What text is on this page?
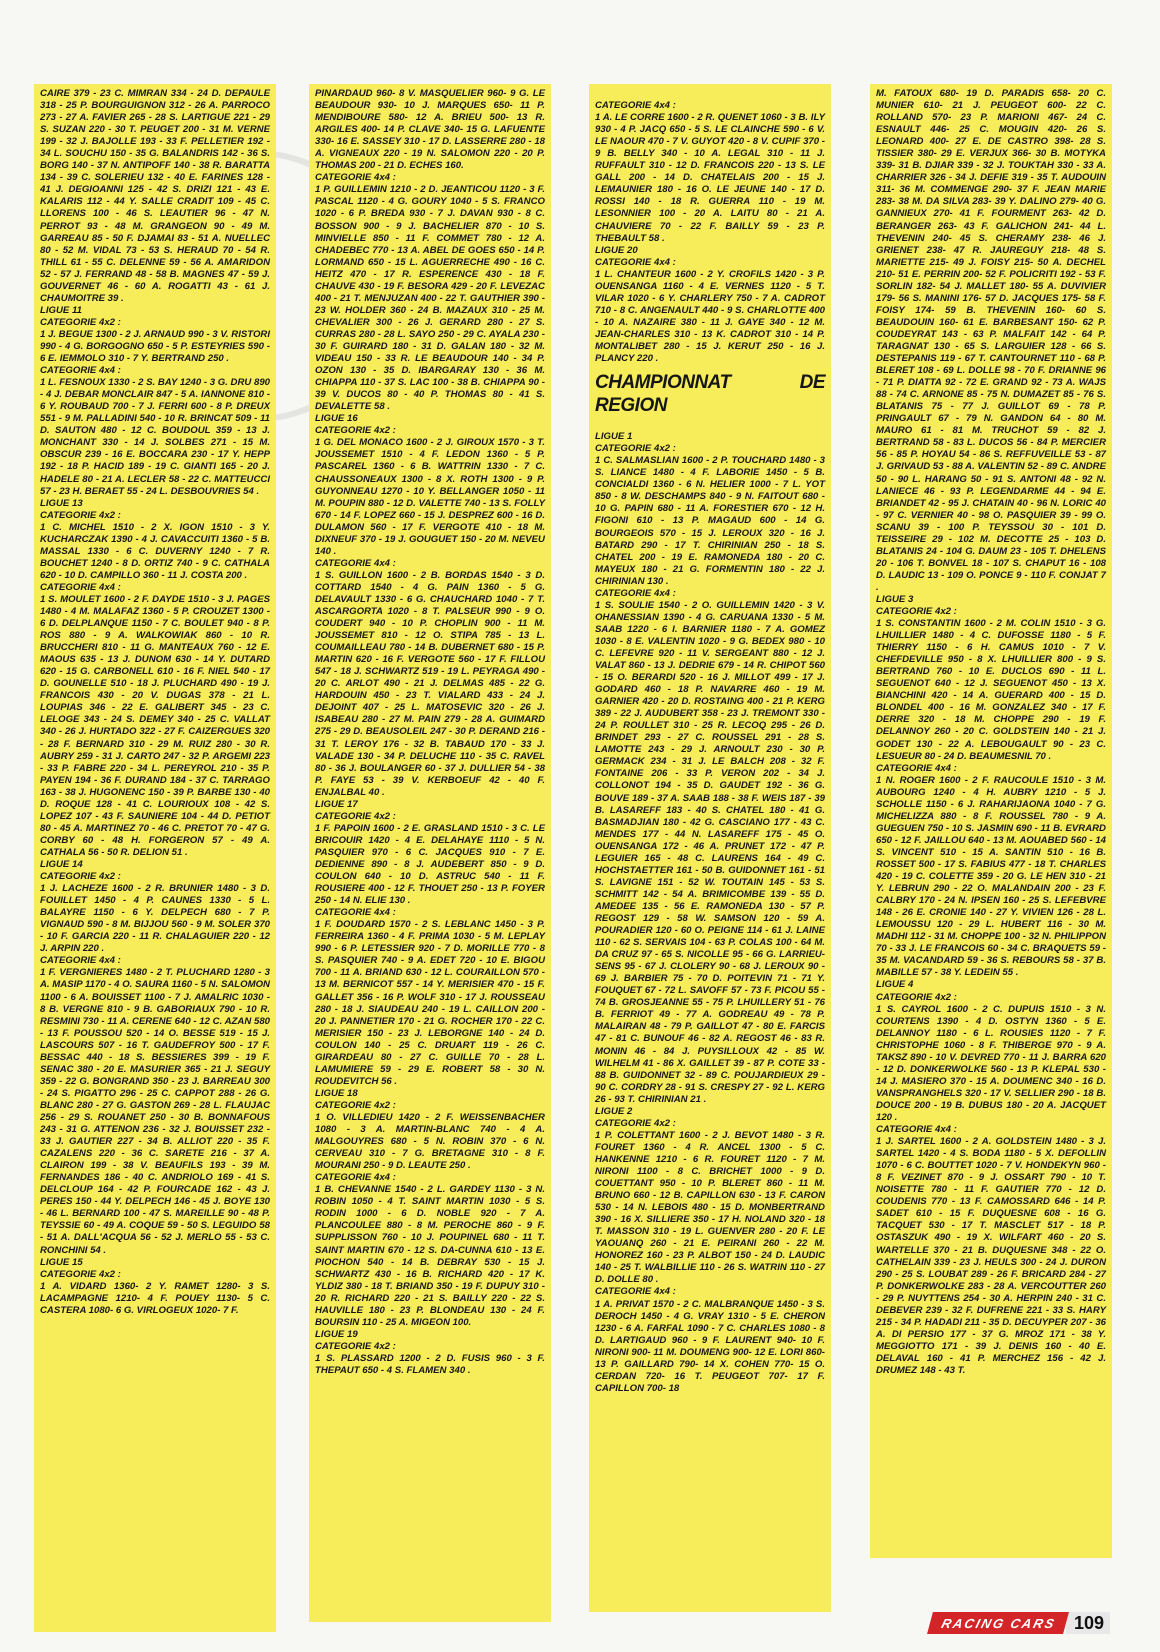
CAIRE 379 - 23 C. MIMRAN 334 - 24 D. DEPAULE 318 - 25 P. BOURGUIGNON 312 - 26 A. PARROCO 273 - 27 A. FAVIER 265 - 28 S. LARTIGUE 221 - 29 S. SUZAN 220 - 30 T. PEUGET 200 - 31 M. VERNE 199 - 32 J. BAJOLLE 193 - 33 F. PELLETIER 192 - 34 L. SOUCHU 150 - 35 G. BALANDRIS 142 - 36 S. BORG 140 - 37 N. ANTIPOFF 140 - 38 R. BARATTA 134 - 39 C. SOLERIEU 132 - 40 E. FARINES 128 - 41 J. DEGIOANNI 125 - 42 S. DRIZI 121 - 43 E. KALARIS 112 - 44 Y. SALLE CRADIT 109 - 45 C. LLORENS 100 - 46 S. LEAUTIER 96 - 47 N. PERROT 93 - 48 M. GRANGEON 90 - 49 M. GARREAU 85 - 50 F. DJAMAI 83 - 51 A. NUELLEC 80 - 52 M. VIDAL 73 - 53 S. HERAUD 70 - 54 R. THILL 61 - 55 C. DELENNE 59 - 56 A. AMARIDON 52 - 57 J. FERRAND 48 - 58 B. MAGNES 47 - 59 J. GOUVERNET 46 - 60 A. ROGATTI 43 - 61 J. CHAUMOITRE 39 .
LIGUE 11
CATEGORIE 4x2 :
1 J. BEGUE 1300 - 2 J. ARNAUD 990 - 3 V. RISTORI 990 - 4 G. BORGOGNO 650 - 5 P. ESTEYRIES 590 - 6 E. IEMMOLO 310 - 7 Y. BERTRAND 250 .
CATEGORIE 4x4 :
1 L. FESNOUX 1330 - 2 S. BAY 1240 - 3 G. DRU 890 - 4 J. DEBAR MONCLAIR 847 - 5 A. IANNONE 810 - 6 Y. ROUBAUD 700 - 7 J. FERRI 600 - 8 P. DREUX 551 - 9 M. PALLADINI 540 - 10 R. BRINCAT 509 - 11 D. SAUTON 480 - 12 C. BOUDOUL 359 - 13 J. MONCHANT 330 - 14 J. SOLBES 271 - 15 M. OBSCUR 239 - 16 E. BOCCARA 230 - 17 Y. HEPP 192 - 18 P. HACID 189 - 19 C. GIANTI 165 - 20 J. HADELE 80 - 21 A. LECLER 58 - 22 C. MATTEUCCI 57 - 23 H. BERAET 55 - 24 L. DESBOUVRIES 54 .
LIGUE 13
CATEGORIE 4x2 :
1 C. MICHEL 1510 - 2 X. IGON 1510 - 3 Y. KUCHARCZAK 1390 - 4 J. CAVACCUITI 1360 - 5 B. MASSAL 1330 - 6 C. DUVERNY 1240 - 7 R. BOUCHET 1240 - 8 D. ORTIZ 740 - 9 C. CATHALA 620 - 10 D. CAMPILLO 360 - 11 J. COSTA 200 .
CATEGORIE 4x4 :
1 S. MOULET 1600 - 2 F. DAYDE 1510 - 3 J. PAGES 1480 - 4 M. MALAFAZ 1360 - 5 P. CROUZET 1300 - 6 D. DELPLANQUE 1150 - 7 C. BOULET 940 - 8 P. ROS 880 - 9 A. WALKOWIAK 860 - 10 R. BRUCCHERI 810 - 11 G. MANTEAUX 760 - 12 E. MAOUS 635 - 13 J. DUNOM 630 - 14 Y. DUTARD 620 - 15 G. CARBONELL 610 - 16 F. NIEL 540 - 17 D. GOUNELLE 510 - 18 J. PLUCHARD 490 - 19 J. FRANCOIS 430 - 20 V. DUGAS 378 - 21 L. LOUPIAS 346 - 22 E. GALIBERT 345 - 23 C. LELOGE 343 - 24 S. DEMEY 340 - 25 C. VALLAT 340 - 26 J. HURTADO 322 - 27 F. CAIZERGUES 320 - 28 F. BERNARD 310 - 29 M. RUIZ 280 - 30 R. AUBRY 259 - 31 J. CARTO 247 - 32 P. ARGEMI 223 - 33 P. FABRE 220 - 34 L. PEREYROL 210 - 35 P. PAYEN 194 - 36 F. DURAND 184 - 37 C. TARRAGO 163 - 38 J. HUGONENC 150 - 39 P. BARBE 130 - 40 D. ROQUE 128 - 41 C. LOURIOUX 108 - 42 S. LOPEZ 107 - 43 F. SAUNIERE 104 - 44 D. PETIOT 80 - 45 A. MARTINEZ 70 - 46 C. PRETOT 70 - 47 G. CORBY 60 - 48 H. FORGERON 57 - 49 A. CATHALA 56 - 50 R. DELION 51 .
LIGUE 14
CATEGORIE 4x2 :
1 J. LACHEZE 1600 - 2 R. BRUNIER 1480 - 3 D. FOUILLET 1450 - 4 P. CAUNES 1330 - 5 L. BALAYRE 1150 - 6 Y. DELPECH 680 - 7 P. VIGNAUD 590 - 8 M. BIJJOU 560 - 9 M. SOLER 370 - 10 F. GARCIA 220 - 11 R. CHALAGUIER 220 - 12 J. ARPIN 220 .
CATEGORIE 4x4 :
1 F. VERGNIERES 1480 - 2 T. PLUCHARD 1280 - 3 A. MASIP 1170 - 4 O. SAURA 1160 - 5 N. SALOMON 1100 - 6 A. BOUISSET 1100 - 7 J. AMALRIC 1030 - 8 B. VERGNE 810 - 9 B. GABORIAUX 790 - 10 R. RESMINI 730 - 11 A. CERENE 640 - 12 C. AZAN 580 - 13 F. POUSSOU 520 - 14 O. BESSE 519 - 15 J. LASCOURS 507 - 16 T. GAUDEFROY 500 - 17 F. BESSAC 440 - 18 S. BESSIERES 399 - 19 F. SENAC 380 - 20 E. MASURIER 365 - 21 J. SEGUY 359 - 22 G. BONGRAND 350 - 23 J. BARREAU 300 - 24 S. PIGATTO 296 - 25 C. CAPPOT 288 - 26 G. BLANC 280 - 27 G. GASTON 269 - 28 L. FLAUJAC 256 - 29 S. ROUANET 250 - 30 B. BONNAFOUS 243 - 31 G. ATTENON 236 - 32 J. BOUISSET 232 - 33 J. GAUTIER 227 - 34 B. ALLIOT 220 - 35 F. CAZALENS 220 - 36 C. SARETE 216 - 37 A. CLAIRON 199 - 38 V. BEAUFILS 193 - 39 M. FERNANDES 186 - 40 C. ANDRIOLO 169 - 41 S. DELCLOUP 164 - 42 P. FOURCADE 162 - 43 J. PERES 150 - 44 Y. DELPECH 146 - 45 J. BOYE 130 - 46 L. BERNARD 100 - 47 S. MAREILLE 90 - 48 P. TEYSSIE 60 - 49 A. COQUE 59 - 50 S. LEGUIDO 58 - 51 A. DALL'ACQUA 56 - 52 J. MERLO 55 - 53 C. RONCHINI 54 .
LIGUE 15
CATEGORIE 4x2 :
1 A. VIDARD 1360- 2 Y. RAMET 1280- 3 S. LACAMPAGNE 1210- 4 F. POUEY 1130- 5 C. CASTERA 1080- 6 G. VIRLOGEUX 1020- 7 F.
PINARDAUD 960- 8 V. MASQUELIER 960- 9 G. LE BEAUDOUR 930- 10 J. MARQUES 650- 11 P. MENDIBOURE 580- 12 A. BRIEU 500- 13 R. ARGILES 400- 14 P. CLAVE 340- 15 G. LAFUENTE 330- 16 E. SASSEY 310 - 17 D. LASSERRE 280 - 18 A. VIGNEAUX 220 - 19 N. SALOMON 220 - 20 P. THOMAS 200 - 21 D. ECHES 160.
CATEGORIE 4x4 :
1 P. GUILLEMIN 1210 - 2 D. JEANTICOU 1120 - 3 F. PASCAL 1120 - 4 G. GOURY 1040 - 5 S. FRANCO 1020 - 6 P. BREDA 930 - 7 J. DAVAN 930 - 8 C. BOSSON 900 - 9 J. BACHELIER 870 - 10 S. MINVIELLE 850 - 11 F. COMMET 780 - 12 A. CHADEBEC 770 - 13 A. ABEL DE GOES 650 - 14 P. LORMAND 650 - 15 L. AGUERRECHE 490 - 16 C. HEITZ 470 - 17 R. ESPERENCE 430 - 18 F. CHAUVE 430 - 19 F. BESORA 429 - 20 F. LEVEZAC 400 - 21 T. MENJUZAN 400 - 22 T. GAUTHIER 390 - 23 W. HOLDER 360 - 24 B. MAZAUX 310 - 25 M. CHEVALIER 300 - 26 J. GERARD 280 - 27 S. CURRAS 280 - 28 L. SAYO 250 - 29 C. AYALA 230 - 30 F. GUIRARD 180 - 31 D. GALAN 180 - 32 M. VIDEAU 150 - 33 R. LE BEAUDOUR 140 - 34 P. OZON 130 - 35 D. IBARGARAY 130 - 36 M. CHIAPPA 110 - 37 S. LAC 100 - 38 B. CHIAPPA 90 - 39 V. DUCOS 80 - 40 P. THOMAS 80 - 41 S. DEVALETTE 58 .
LIGUE 16
CATEGORIE 4x2 :
1 G. DEL MONACO 1600 - 2 J. GIROUX 1570 - 3 T. JOUSSEMET 1510 - 4 F. LEDON 1360 - 5 P. PASCAREL 1360 - 6 B. WATTRIN 1330 - 7 C. CHAUSSONEAUX 1300 - 8 X. ROTH 1300 - 9 P. GUYONNEAU 1270 - 10 Y. BELLANGER 1050 - 11 M. POUPIN 880 - 12 D. VALETTE 740 - 13 S. FOLLY 670 - 14 F. LOPEZ 660 - 15 J. DESPREZ 600 - 16 D. DULAMON 560 - 17 F. VERGOTE 410 - 18 M. DIXNEUF 370 - 19 J. GOUGUET 150 - 20 M. NEVEU 140 .
CATEGORIE 4x4 :
1 S. GUILLON 1600 - 2 B. BORDAS 1540 - 3 D. COTTARD 1540 - 4 G. PAIN 1360 - 5 G. DELAVAULT 1330 - 6 G. CHAUCHARD 1040 - 7 T. ASCARGORTA 1020 - 8 T. PALSEUR 990 - 9 O. COUDERT 940 - 10 P. CHOPLIN 900 - 11 M. JOUSSEMET 810 - 12 O. STIPA 785 - 13 L. COUMAILLEAU 780 - 14 B. DUBERNET 680 - 15 P. MARTIN 620 - 16 F. VERGOTE 560 - 17 F. FILLOU 547 - 18 J. SCHWARTZ 519 - 19 L. PEYRAGA 490 - 20 C. ARLOT 490 - 21 J. DELMAS 485 - 22 G. HARDOUIN 450 - 23 T. VIALARD 433 - 24 J. DEJOINT 407 - 25 L. MATOSEVIC 320 - 26 J. ISABEAU 280 - 27 M. PAIN 279 - 28 A. GUIMARD 275 - 29 D. BEAUSOLEIL 247 - 30 P. DERAND 216 - 31 T. LEROY 176 - 32 B. TABAUD 170 - 33 J. VALADE 130 - 34 P. DELUCHE 110 - 35 C. RAVEL 80 - 36 J. BOULANGER 60 - 37 J. DULLIER 54 - 38 P. FAYE 53 - 39 V. KERBOEUF 42 - 40 F. ENJALBAL 40 .
LIGUE 17
CATEGORIE 4x2 :
1 F. PAPOIN 1600 - 2 E. GRASLAND 1510 - 3 C. LE BRICOUIR 1420 - 4 E. DELAHAYE 1110 - 5 N. PASQUIER 970 - 6 C. JACQUES 910 - 7 E. DEDIENNE 890 - 8 J. AUDEBERT 850 - 9 D. COULON 640 - 10 D. ASTRUC 540 - 11 F. ROUSIERE 400 - 12 F. THOUET 250 - 13 P. FOYER 250 - 14 N. ELIE 130 .
CATEGORIE 4x4 :
1 F. DOUDARD 1570 - 2 S. LEBLANC 1450 - 3 P. FERREIRA 1360 - 4 F. PRIMA 1030 - 5 M. LEPLAY 990 - 6 P. LETESSIER 920 - 7 D. MORILLE 770 - 8 S. PASQUIER 740 - 9 A. EDET 720 - 10 E. BIGOU 700 - 11 A. BRIAND 630 - 12 L. COURAILLON 570 - 13 M. BERNICOT 557 - 14 Y. MERISIER 470 - 15 F. GALLET 356 - 16 P. WOLF 310 - 17 J. ROUSSEAU 280 - 18 J. SIAUDEAU 240 - 19 L. CAILLON 200 - 20 J. PANNETIER 170 - 21 G. ROCHER 170 - 22 C. MERISIER 150 - 23 J. LEBORGNE 140 - 24 D. COULON 140 - 25 C. DRUART 119 - 26 C. GIRARDEAU 80 - 27 C. GUILLE 70 - 28 L. LAMUMIERE 59 - 29 E. ROBERT 58 - 30 N. ROUDEVITCH 56 .
LIGUE 18
CATEGORIE 4x2 :
1 O. VILLEDIEU 1420 - 2 F. WEISSENBACHER 1080 - 3 A. MARTIN-BLANC 740 - 4 A. MALGOUYRES 680 - 5 N. ROBIN 370 - 6 N. CERVEAU 310 - 7 G. BRETAGNE 310 - 8 F. MOURANI 250 - 9 D. LEAUTE 250 .
CATEGORIE 4x4 :
1 B. CHEVANNE 1540 - 2 L. GARDEY 1130 - 3 N. ROBIN 1050 - 4 T. SAINT MARTIN 1030 - 5 S. RODIN 1000 - 6 D. NOBLE 920 - 7 A. PLANCOULEE 880 - 8 M. PEROCHE 860 - 9 F. SUPPLISSON 760 - 10 J. POUPINEL 680 - 11 T. SAINT MARTIN 670 - 12 S. DA-CUNNA 610 - 13 E. PIOCHON 540 - 14 B. DEBRAY 530 - 15 J. SCHWARTZ 430 - 16 B. RICHARD 420 - 17 K. YLDIZ 380 - 18 T. BRIAND 350 - 19 F. DUPUY 310 - 20 R. RICHARD 220 - 21 S. BAILLY 220 - 22 S. HAUVILLE 180 - 23 P. BLONDEAU 130 - 24 F. BOURSIN 110 - 25 A. MIGEON 100.
LIGUE 19
CATEGORIE 4x2 :
1 S. PLASSARD 1200 - 2 D. FUSIS 960 - 3 F. THEPAUT 650 - 4 S. FLAMEN 340 .

CATEGORIE 4x4 :
1 A. LE CORRE 1600 - 2 R. QUENET 1060 - 3 B. ILY 930 - 4 P. JACQ 650 - 5 S. LE CLAINCHE 590 - 6 V. LE NAOUR 470 - 7 V. GUYOT 420 - 8 V. CUPIF 370 - 9 B. BELLY 340 - 10 A. LEGAL 310 - 11 J. RUFFAULT 310 - 12 D. FRANCOIS 220 - 13 S. LE GALL 200 - 14 D. CHATELAIS 200 - 15 J. LEMAUNIER 180 - 16 O. LE JEUNE 140 - 17 D. ROSSI 140 - 18 R. GUERRA 110 - 19 M. LESONNIER 100 - 20 A. LAITU 80 - 21 A. CHAUVIERE 70 - 22 F. BAILLY 59 - 23 P. THEBAULT 58 .
LIGUE 20
CATEGORIE 4x4 :
1 L. CHANTEUR 1600 - 2 Y. CROFILS 1420 - 3 P. OUENSANGA 1160 - 4 E. VERNES 1120 - 5 T. VILAR 1020 - 6 Y. CHARLERY 750 - 7 A. CADROT 710 - 8 C. ANGENAULT 440 - 9 S. CHARLOTTE 400 - 10 A. NAZAIRE 380 - 11 J. GAYE 340 - 12 M. JEAN-CHARLES 310 - 13 K. CADROT 310 - 14 P. MONTALIBET 280 - 15 J. KERUT 250 - 16 J. PLANCY 220 .

CHAMPIONNAT DE REGION

LIGUE 1
CATEGORIE 4x2 :
1 C. SALMASLIAN 1600 - 2 P. TOUCHARD 1480 - 3 S. LIANCE 1480 - 4 F. LABORIE 1450 - 5 B. CONCIALDI 1360 - 6 N. HELIER 1000 - 7 L. YOT 850 - 8 W. DESCHAMPS 840 - 9 N. FAITOUT 680 - 10 G. PAPIN 680 - 11 A. FORESTIER 670 - 12 H. FIGONI 610 - 13 P. MAGAUD 600 - 14 G. BOURGEOIS 570 - 15 J. LEROUX 320 - 16 J. BATARD 290 - 17 T. CHIRINIAN 250 - 18 S. CHATEL 200 - 19 E. RAMONEDA 180 - 20 C. MAYEUX 180 - 21 G. FORMENTIN 180 - 22 J. CHIRINIAN 130 .
CATEGORIE 4x4 :
1 S. SOULIE 1540 - 2 O. GUILLEMIN 1420 - 3 V. OHANESSIAN 1390 - 4 G. CARUANA 1330 - 5 M. SAAB 1220 - 6 I. BARNIER 1180 - 7 A. GOMEZ 1030 - 8 E. VALENTIN 1020 - 9 G. BEDEX 980 - 10 C. LEFEVRE 920 - 11 V. SERGEANT 880 - 12 J. VALAT 860 - 13 J. DEDRIE 679 - 14 R. CHIPOT 560 - 15 O. BERARDI 520 - 16 J. MILLOT 499 - 17 J. GODARD 460 - 18 P. NAVARRE 460 - 19 M. GARNIER 420 - 20 D. ROSTAING 400 - 21 P. KERG 389 - 22 J. AUDUBERT 358 - 23 J. TREMONT 330 - 24 P. ROULLET 310 - 25 R. LECOQ 295 - 26 D. BRINDET 293 - 27 C. ROUSSEL 291 - 28 S. LAMOTTE 243 - 29 J. ARNOULT 230 - 30 P. GERMACK 234 - 31 J. LE BALCH 208 - 32 F. FONTAINE 206 - 33 P. VERON 202 - 34 J. COLLONOT 194 - 35 D. GAUDET 192 - 36 G. BOUVE 189 - 37 A. SAAB 188 - 38 F. WEIS 187 - 39 B. LASAREFF 183 - 40 S. CHATEL 180 - 41 G. BASMADJIAN 180 - 42 G. CASCIANO 177 - 43 C. MENDES 177 - 44 N. LASAREFF 175 - 45 O. OUENSANGA 172 - 46 A. PRUNET 172 - 47 P. LEGUIER 165 - 48 C. LAURENS 164 - 49 C. HOCHSTAETTER 161 - 50 B. GUIDONNET 161 - 51 S. LAVIGNE 151 - 52 W. TOUTAIN 145 - 53 S. SCHMITT 142 - 54 A. BRIMICOMBE 139 - 55 D. AMEDEE 135 - 56 E. RAMONEDA 130 - 57 P. REGOST 129 - 58 W. SAMSON 120 - 59 A. POURADIER 120 - 60 O. PEIGNE 114 - 61 J. LAINE 110 - 62 S. SERVAIS 104 - 63 P. COLAS 100 - 64 M. DA CRUZ 97 - 65 S. NICOLLE 95 - 66 G. LARRIEU-SENS 95 - 67 J. CLOLERY 90 - 68 J. LEROUX 90 - 69 J. BARBIER 75 - 70 D. POITEVIN 71 - 71 Y. FOUQUET 67 - 72 L. SAVOFF 57 - 73 F. PICOU 55 - 74 B. GROSJEANNE 55 - 75 P. LHUILLERY 51 - 76 B. FERRIOT 49 - 77 A. GODREAU 49 - 78 P. MALAIRAN 48 - 79 P. GAILLOT 47 - 80 E. FARCIS 47 - 81 C. BUNOUF 46 - 82 A. REGOST 46 - 83 R. MONIN 46 - 84 J. PUYSILLOUX 42 - 85 W. WILHELM 41 - 86 X. GAILLET 39 - 87 P. COTE 33 - 88 B. GUIDONNET 32 - 89 C. POUJARDIEUX 29 - 90 C. CORDRY 28 - 91 S. CRESPY 27 - 92 L. KERG 26 - 93 T. CHIRINIAN 21 .
LIGUE 2
CATEGORIE 4x2 :
1 P. COLETTANT 1600 - 2 J. BEVOT 1480 - 3 R. FOURET 1360 - 4 R. ANCEL 1300 - 5 C. HANKENNE 1210 - 6 R. FOURET 1120 - 7 M. NIRONI 1100 - 8 C. BRICHET 1000 - 9 D. COUETTANT 950 - 10 P. BLERET 860 - 11 M. BRUNO 660 - 12 B. CAPILLON 630 - 13 F. CARON 530 - 14 N. LEBOIS 480 - 15 D. MONBERTRAND 390 - 16 X. SILLIERE 350 - 17 H. NOLAND 320 - 18 T. MASSON 310 - 19 L. GUENVER 280 - 20 F. LE YAOUANQ 260 - 21 E. PEIRANI 260 - 22 M. HONOREZ 160 - 23 P. ALBOT 150 - 24 D. LAUDIC 140 - 25 T. WALBILLIE 110 - 26 S. WATRIN 110 - 27 D. DOLLE 80 .
CATEGORIE 4x4 :
1 A. PRIVAT 1570 - 2 C. MALBRANQUE 1450 - 3 S. DEROCH 1450 - 4 G. VRAY 1310 - 5 E. CHERON 1230 - 6 A. FARFAL 1090 - 7 C. CHARLES 1080 - 8 D. LARTIGAUD 960 - 9 F. LAURENT 940- 10 F. NIRONI 900- 11 M. DOUMENG 900- 12 E. LORI 860- 13 P. GAILLARD 790- 14 X. COHEN 770- 15 O. CERDAN 720- 16 T. PEUGEOT 707- 17 F. CAPILLON 700- 18

M. FATOUX 680- 19 D. PARADIS 658- 20 C. MUNIER 610- 21 J. PEUGEOT 600- 22 C. ROLLAND 570- 23 P. MARIONI 467- 24 C. ESNAULT 446- 25 C. MOUGIN 420- 26 S. LEONARD 400- 27 E. DE CASTRO 398- 28 S. TISSIER 380- 29 E. VERJUX 366- 30 B. MOTYKA 339- 31 B. DJIAR 339 - 32 J. TOUKTAH 330 - 33 A. CHARRIER 326 - 34 J. DEFIE 319 - 35 T. AUDOUIN 311- 36 M. COMMENGE 290- 37 F. JEAN MARIE 283- 38 M. DA SILVA 283- 39 Y. DALINO 279- 40 G. GANNIEUX 270- 41 F. FOURMENT 263- 42 D. BERANGER 263- 43 F. GALICHON 241- 44 L. THEVENIN 240- 45 S. CHERAMY 238- 46 J. GRIENET 238- 47 R. JAUREGUY 218- 48 S. MARIETTE 215- 49 J. FOISY 215- 50 A. DECHEL 210- 51 E. PERRIN 200- 52 F. POLICRITI 192 - 53 F. SORLIN 182- 54 J. MALLET 180- 55 A. DUVIVIER 179- 56 S. MANINI 176- 57 D. JACQUES 175- 58 F. FOISY 174- 59 B. THEVENIN 160- 60 S. BEAUDOUIN 160- 61 E. BARBESANT 150- 62 P. COUDEYRAT 143 - 63 P. MALFAIT 142 - 64 P. TARAGNAT 130 - 65 S. LARGUIER 128 - 66 S. DESTEPANIS 119 - 67 T. CANTOURNET 110 - 68 P. BLERET 108 - 69 L. DOLLE 98 - 70 F. DRIANNE 96 - 71 P. DIATTA 92 - 72 E. GRAND 92 - 73 A. WAJS 88 - 74 C. ARNONE 85 - 75 N. DUMAZET 85 - 76 S. BLATANIS 75 - 77 J. GUILLOT 69 - 78 P. PRINGAULT 67 - 79 N. GANDON 64 - 80 M. MAURO 61 - 81 M. TRUCHOT 59 - 82 J. BERTRAND 58 - 83 L. DUCOS 56 - 84 P. MERCIER 56 - 85 P. HOYAU 54 - 86 S. REFFUVEILLE 53 - 87 J. GRIVAUD 53 - 88 A. VALENTIN 52 - 89 C. ANDRE 50 - 90 L. HARANG 50 - 91 S. ANTONI 48 - 92 N. LANIECE 46 - 93 P. LEGENDARME 44 - 94 E. BRIANDET 42 - 95 J. CHATAIN 40 - 96 N. LORIC 40 - 97 C. VERNIER 40 - 98 O. PASQUIER 39 - 99 O. SCANU 39 - 100 P. TEYSSOU 30 - 101 D. TEISSEIRE 29 - 102 M. DECOTTE 25 - 103 D. BLATANIS 24 - 104 G. DAUM 23 - 105 T. DHELENS 20 - 106 T. BONVEL 18 - 107 S. CHAPUT 16 - 108 D. LAUDIC 13 - 109 O. PONCE 9 - 110 F. CONJAT 7 .
LIGUE 3
CATEGORIE 4x2 :
1 S. CONSTANTIN 1600 - 2 M. COLIN 1510 - 3 G. LHUILLIER 1480 - 4 C. DUFOSSE 1180 - 5 F. THIERRY 1150 - 6 H. CAMUS 1010 - 7 V. CHEFDEVILLE 950 - 8 X. LHUILLIER 800 - 9 S. BERTRAND 760 - 10 E. DUCLOS 690 - 11 L. SEGUENOT 640 - 12 J. SEGUENOT 450 - 13 X. BIANCHINI 420 - 14 A. GUERARD 400 - 15 D. BLONDEL 400 - 16 M. GONZALEZ 340 - 17 F. DERRE 320 - 18 M. CHOPPE 290 - 19 F. DELANNOY 260 - 20 C. GOLDSTEIN 140 - 21 J. GODET 130 - 22 A. LEBOUGAULT 90 - 23 C. LESUEUR 80 - 24 D. BEAUMESNIL 70 .
CATEGORIE 4x4 :
1 N. ROGER 1600 - 2 F. RAUCOULE 1510 - 3 M. AUBOURG 1240 - 4 H. AUBRY 1210 - 5 J. SCHOLLE 1150 - 6 J. RAHARIJAONA 1040 - 7 G. MICHELIZZA 880 - 8 F. ROUSSEL 780 - 9 A. GUEGUEN 750 - 10 S. JASMIN 690 - 11 B. EVRARD 650 - 12 F. JAILLOU 640 - 13 M. AOUABED 560 - 14 S. VINCENT 510 - 15 A. SANTIN 510 - 16 B. ROSSET 500 - 17 S. FABIUS 477 - 18 T. CHARLES 420 - 19 C. COLETTE 359 - 20 G. LE HEN 310 - 21 Y. LEBRUN 290 - 22 O. MALANDAIN 200 - 23 F. CALBRY 170 - 24 N. IPSEN 160 - 25 S. LEFEBVRE 148 - 26 E. CRONIE 140 - 27 Y. VIVIEN 126 - 28 L. LEMOUSSU 120 - 29 L. HUBERT 116 - 30 M. MADHI 112 - 31 M. CHOPPE 100 - 32 N. PHILIPPON 70 - 33 J. LE FRANCOIS 60 - 34 C. BRAQUETS 59 - 35 M. VACANDARD 59 - 36 S. REBOURS 58 - 37 B. MABILLE 57 - 38 Y. LEDEIN 55 .
LIGUE 4
CATEGORIE 4x2 :
1 S. CAYROL 1600 - 2 C. DUPUIS 1510 - 3 N. COURTENS 1390 - 4 D. OSTYN 1360 - 5 E. DELANNOY 1180 - 6 L. ROUSIES 1120 - 7 F. CHRISTOPHE 1060 - 8 F. THIBERGE 970 - 9 A. TAKSZ 890 - 10 V. DEVRED 770 - 11 J. BARRA 620 - 12 D. DONKERWOLKE 560 - 13 P. KLEPAL 530 - 14 J. MASIERO 370 - 15 A. DOUMENC 340 - 16 D. VANSPRANGHELS 320 - 17 V. SELLIER 290 - 18 B. DOUCE 200 - 19 B. DUBUS 180 - 20 A. JACQUET 120 .
CATEGORIE 4x4 :
1 J. SARTEL 1600 - 2 A. GOLDSTEIN 1480 - 3 J. SARTEL 1420 - 4 S. BODA 1180 - 5 X. DEFOLLIN 1070 - 6 C. BOUTTET 1020 - 7 V. HONDEKYN 960 - 8 F. VEZINET 870 - 9 J. OSSART 790 - 10 T. NOISETTE 780 - 11 F. GAUTIER 770 - 12 D. COUDENIS 770 - 13 F. CAMOSSARD 646 - 14 P. SADET 610 - 15 F. DUQUESNE 608 - 16 G. TACQUET 530 - 17 T. MASCLET 517 - 18 P. OSTASZUK 490 - 19 X. WILFART 460 - 20 S. WARTELLE 370 - 21 B. DUQUESNE 348 - 22 O. CATHELAIN 339 - 23 J. HEULS 300 - 24 J. DURON 290 - 25 S. LOUBAT 289 - 26 F. BRICARD 284 - 27 P. DONKERWOLKE 283 - 28 A. VERCOUTTER 260 - 29 P. NUYTTENS 254 - 30 A. HERPIN 240 - 31 C. DEBEVER 239 - 32 F. DUFRENE 221 - 33 S. HARY 215 - 34 P. HADADI 211 - 35 D. DECUYPER 207 - 36 A. DI PERSIO 177 - 37 G. MROZ 171 - 38 Y. MEGGIOTTO 171 - 39 J. DENIS 160 - 40 E. DELAVAL 160 - 41 P. MERCHEZ 156 - 42 J. DRUMEZ 148 - 43 T.
RACING CARS 109
